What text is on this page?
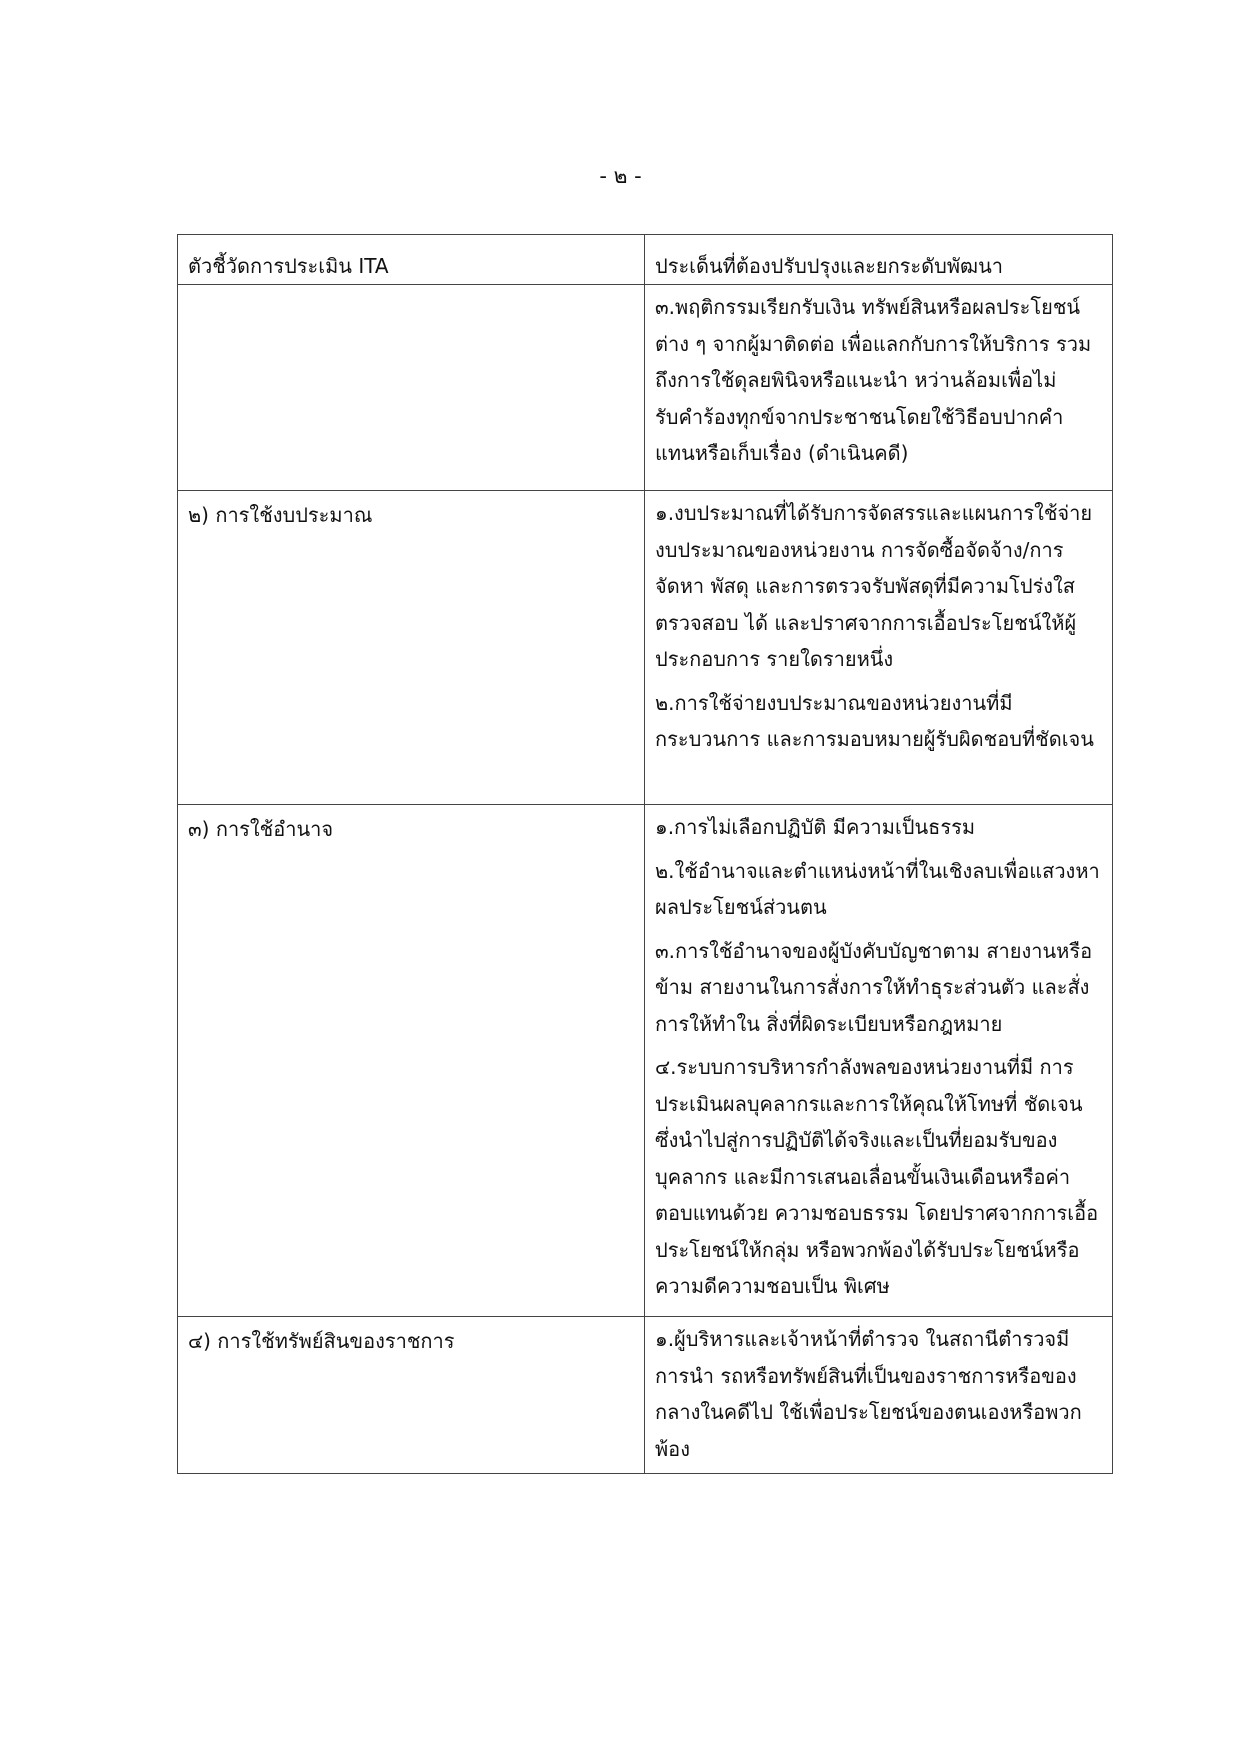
- ๒ -
ตัวชี้วัดการประเมิน ITA	ประเด็นที่ต้องปรับปรุงและยกระดับพัฒนา

	๓.พฤติกรรมเรียกรับเงิน ทรัพย์สินหรือผลประโยชน์ต่าง ๆ จากผู้มาติดต่อ เพื่อแลกกับการให้บริการ รวมถึงการใช้ดุลยพินิจหรือแนะนำ หว่านล้อมเพื่อไม่รับคำร้องทุกข์จากประชาชนโดยใช้วิธีอบปากคำแทนหรือเก็บเรื่อง (ดำเนินคดี)

๒) การใช้งบประมาณ	๑.งบประมาณที่ได้รับการจัดสรรและแผนการใช้จ่าย งบประมาณของหน่วยงาน การจัดซื้อจัดจ้าง/การจัดหา พัสดุ และการตรวจรับพัสดุที่มีความโปร่งใส ตรวจสอบ ได้ และปราศจากการเอื้อประโยชน์ให้ผู้ประกอบการ รายใดรายหนึ่ง
๒.การใช้จ่ายงบประมาณของหน่วยงานที่มีกระบวนการ และการมอบหมายผู้รับผิดชอบที่ชัดเจน

๓) การใช้อำนาจ	๑.การไม่เลือกปฏิบัติ มีความเป็นธรรม
๒.ใช้อำนาจและตำแหน่งหน้าที่ในเชิงลบเพื่อแสวงหา ผลประโยชน์ส่วนตน
๓.การใช้อำนาจของผู้บังคับบัญชาตาม สายงานหรือข้าม สายงานในการสั่งการให้ทำธุระส่วนตัว และสั่งการให้ทำใน สิ่งที่ผิดระเบียบหรือกฎหมาย
๔.ระบบการบริหารกำลังพลของหน่วยงานที่มี การประเมินผลบุคลากรและการให้คุณให้โทษที่ ชัดเจน ซึ่งนำไปสู่การปฏิบัติได้จริงและเป็นที่ยอมรับของบุคลากร และมีการเสนอเลื่อนขั้นเงินเดือนหรือค่าตอบแทนด้วย ความชอบธรรม โดยปราศจากการเอื้อประโยชน์ให้กลุ่ม หรือพวกพ้องได้รับประโยชน์หรือ ความดีความชอบเป็น พิเศษ

๔) การใช้ทรัพย์สินของราชการ	๑.ผู้บริหารและเจ้าหน้าที่ตำรวจ ในสถานีตำรวจมีการนำ รถหรือทรัพย์สินที่เป็นของราชการหรือของกลางในคดีไป ใช้เพื่อประโยชน์ของตนเองหรือพวกพ้อง
